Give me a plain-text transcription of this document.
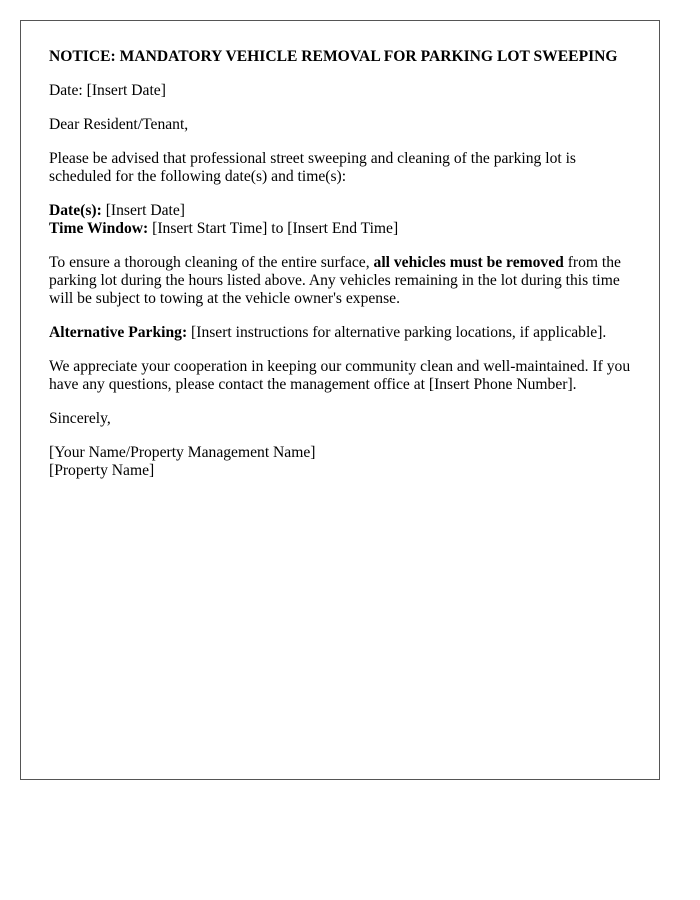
NOTICE: MANDATORY VEHICLE REMOVAL FOR PARKING LOT SWEEPING

Date: [Insert Date]

Dear Resident/Tenant,

Please be advised that professional street sweeping and cleaning of the parking lot is scheduled for the following date(s) and time(s):

Date(s): [Insert Date]
Time Window: [Insert Start Time] to [Insert End Time]

To ensure a thorough cleaning of the entire surface, all vehicles must be removed from the parking lot during the hours listed above. Any vehicles remaining in the lot during this time will be subject to towing at the vehicle owner's expense.

Alternative Parking: [Insert instructions for alternative parking locations, if applicable].

We appreciate your cooperation in keeping our community clean and well-maintained. If you have any questions, please contact the management office at [Insert Phone Number].

Sincerely,

[Your Name/Property Management Name]
[Property Name]
